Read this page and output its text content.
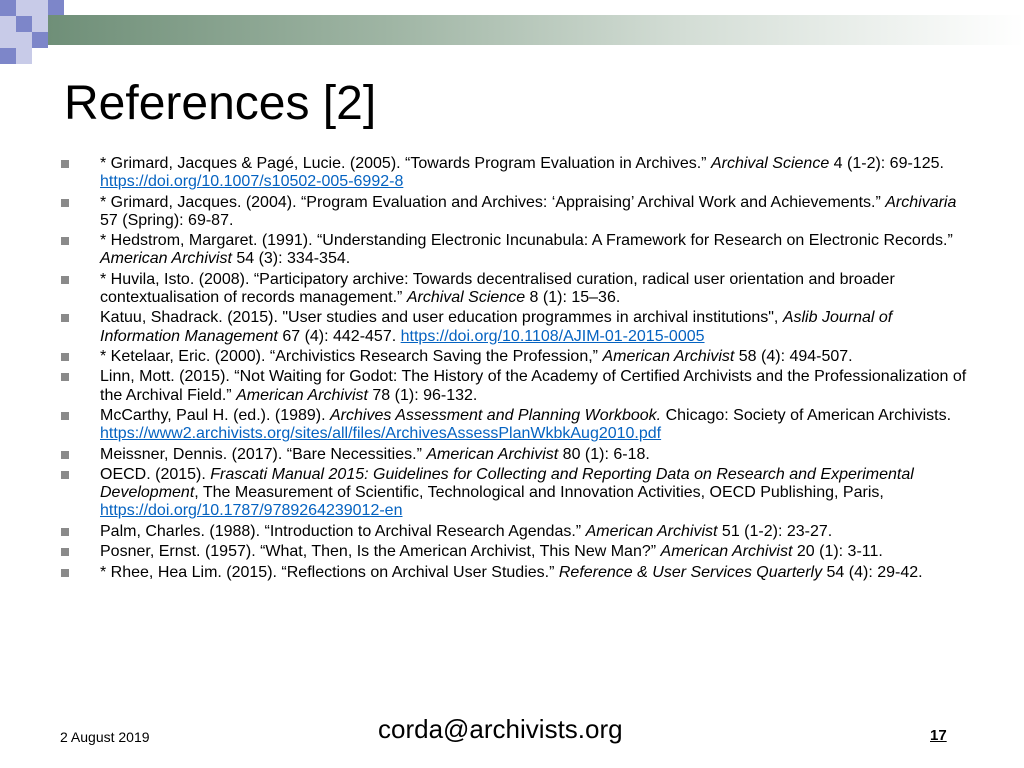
References [2]
* Grimard, Jacques & Pagé, Lucie. (2005). “Towards Program Evaluation in Archives.” Archival Science 4 (1-2): 69-125. https://doi.org/10.1007/s10502-005-6992-8
* Grimard, Jacques. (2004). “Program Evaluation and Archives: ‘Appraising’ Archival Work and Achievements.” Archivaria 57 (Spring): 69-87.
* Hedstrom, Margaret. (1991). “Understanding Electronic Incunabula: A Framework for Research on Electronic Records.” American Archivist 54 (3): 334-354.
* Huvila, Isto. (2008). “Participatory archive: Towards decentralised curation, radical user orientation and broader contextualisation of records management.” Archival Science 8 (1): 15–36.
Katuu, Shadrack. (2015). "User studies and user education programmes in archival institutions", Aslib Journal of Information Management 67 (4): 442-457. https://doi.org/10.1108/AJIM-01-2015-0005
* Ketelaar, Eric. (2000). “Archivistics Research Saving the Profession,” American Archivist 58 (4): 494-507.
Linn, Mott. (2015). “Not Waiting for Godot: The History of the Academy of Certified Archivists and the Professionalization of the Archival Field.” American Archivist 78 (1): 96-132.
McCarthy, Paul H. (ed.). (1989). Archives Assessment and Planning Workbook. Chicago: Society of American Archivists. https://www2.archivists.org/sites/all/files/ArchivesAssessPlanWkbkAug2010.pdf
Meissner, Dennis. (2017). “Bare Necessities.” American Archivist 80 (1): 6-18.
OECD. (2015). Frascati Manual 2015: Guidelines for Collecting and Reporting Data on Research and Experimental Development, The Measurement of Scientific, Technological and Innovation Activities, OECD Publishing, Paris, https://doi.org/10.1787/9789264239012-en
Palm, Charles. (1988). “Introduction to Archival Research Agendas.” American Archivist 51 (1-2): 23-27.
Posner, Ernst. (1957). “What, Then, Is the American Archivist, This New Man?” American Archivist 20 (1): 3-11.
* Rhee, Hea Lim. (2015). “Reflections on Archival User Studies.” Reference & User Services Quarterly 54 (4): 29-42.
2 August 2019	corda@archivists.org	17
